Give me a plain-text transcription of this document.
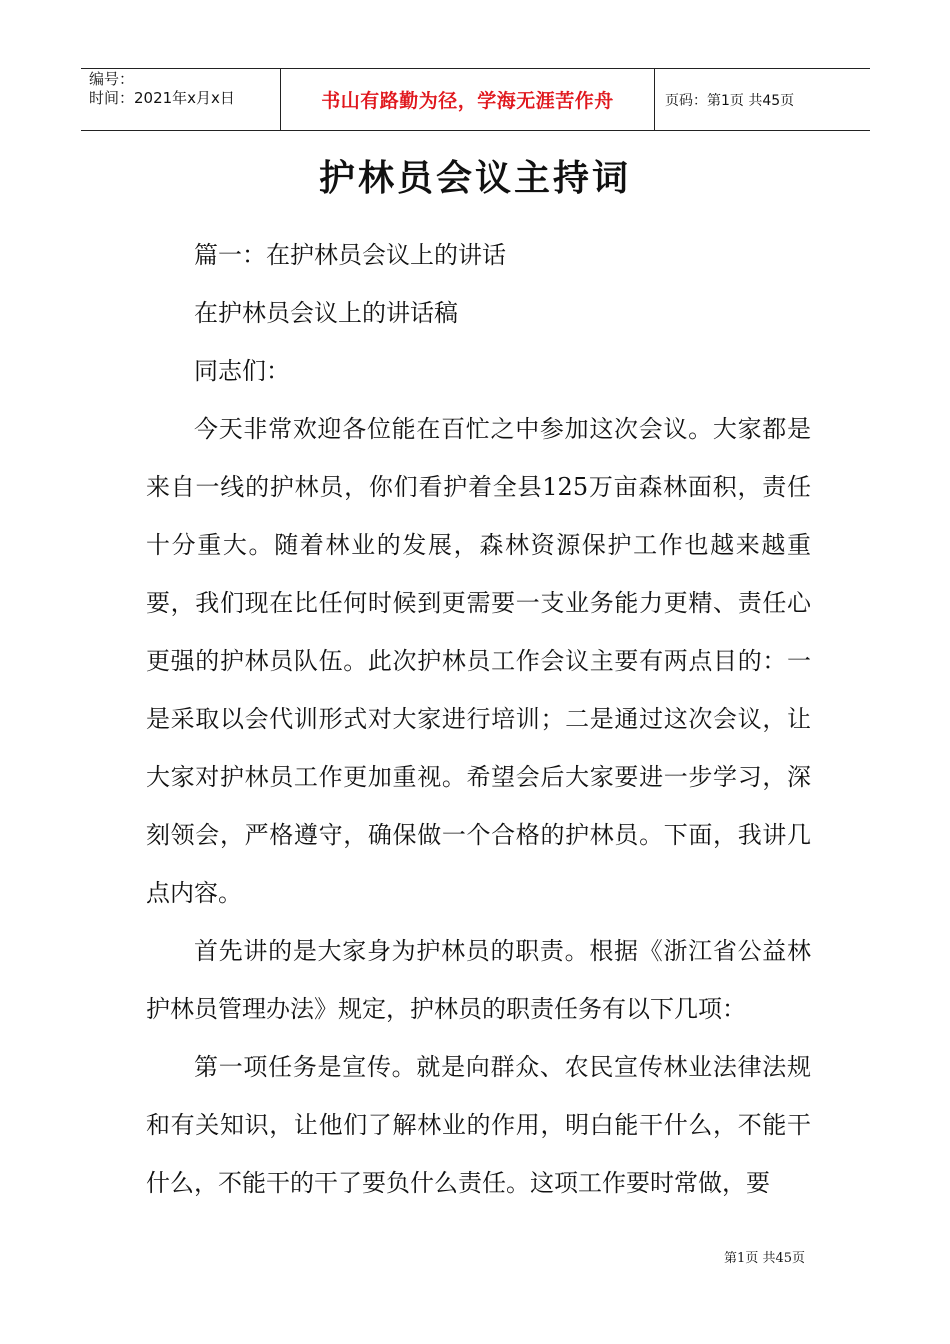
编号：
时间：2021年x月x日	书山有路勤为径，学海无涯苦作舟	页码：第1页 共45页
护林员会议主持词

篇一：在护林员会议上的讲话

在护林员会议上的讲话稿

同志们：

今天非常欢迎各位能在百忙之中参加这次会议。大家都是来自一线的护林员，你们看护着全县125万亩森林面积，责任十分重大。随着林业的发展，森林资源保护工作也越来越重要，我们现在比任何时候到更需要一支业务能力更精、责任心更强的护林员队伍。此次护林员工作会议主要有两点目的：一是采取以会代训形式对大家进行培训；二是通过这次会议，让大家对护林员工作更加重视。希望会后大家要进一步学习，深刻领会，严格遵守，确保做一个合格的护林员。下面，我讲几点内容。

首先讲的是大家身为护林员的职责。根据《浙江省公益林护林员管理办法》规定，护林员的职责任务有以下几项：

第一项任务是宣传。就是向群众、农民宣传林业法律法规和有关知识，让他们了解林业的作用，明白能干什么，不能干什么，不能干的干了要负什么责任。这项工作要时常做，要

第1页 共45页
